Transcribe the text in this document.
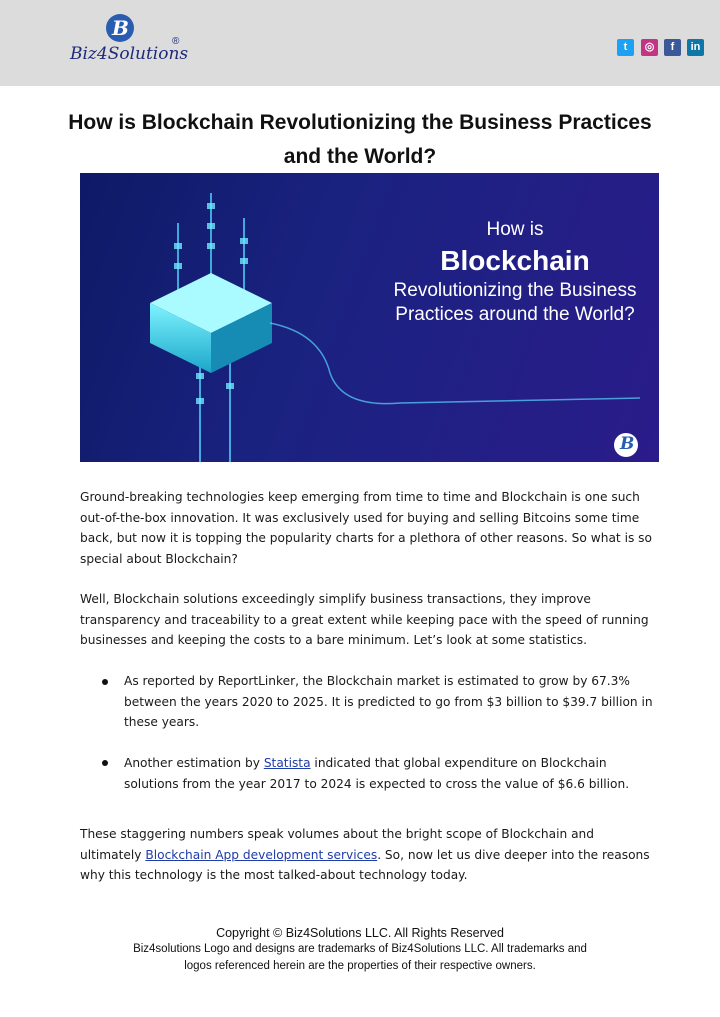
B
Biz4Solutions
®	t	◎	f	in
How is Blockchain Revolutionizing the Business Practices
and the World?
How is
Blockchain
Revolutionizing the Business
Practices around the World?
B
Ground-breaking technologies keep emerging from time to time and Blockchain is one such out-of-the-box innovation. It was exclusively used for buying and selling Bitcoins some time back, but now it is topping the popularity charts for a plethora of other reasons. So what is so special about Blockchain?
Well, Blockchain solutions exceedingly simplify business transactions, they improve transparency and traceability to a great extent while keeping pace with the speed of running businesses and keeping the costs to a bare minimum. Let’s look at some statistics.
As reported by ReportLinker, the Blockchain market is estimated to grow by 67.3% between the years 2020 to 2025. It is predicted to go from $3 billion to $39.7 billion in these years.
Another estimation by Statista indicated that global expenditure on Blockchain solutions from the year 2017 to 2024 is expected to cross the value of $6.6 billion.
These staggering numbers speak volumes about the bright scope of Blockchain and ultimately Blockchain App development services. So, now let us dive deeper into the reasons why this technology is the most talked-about technology today.
Copyright © Biz4Solutions LLC. All Rights Reserved
Biz4solutions Logo and designs are trademarks of Biz4Solutions LLC. All trademarks and
logos referenced herein are the properties of their respective owners.
